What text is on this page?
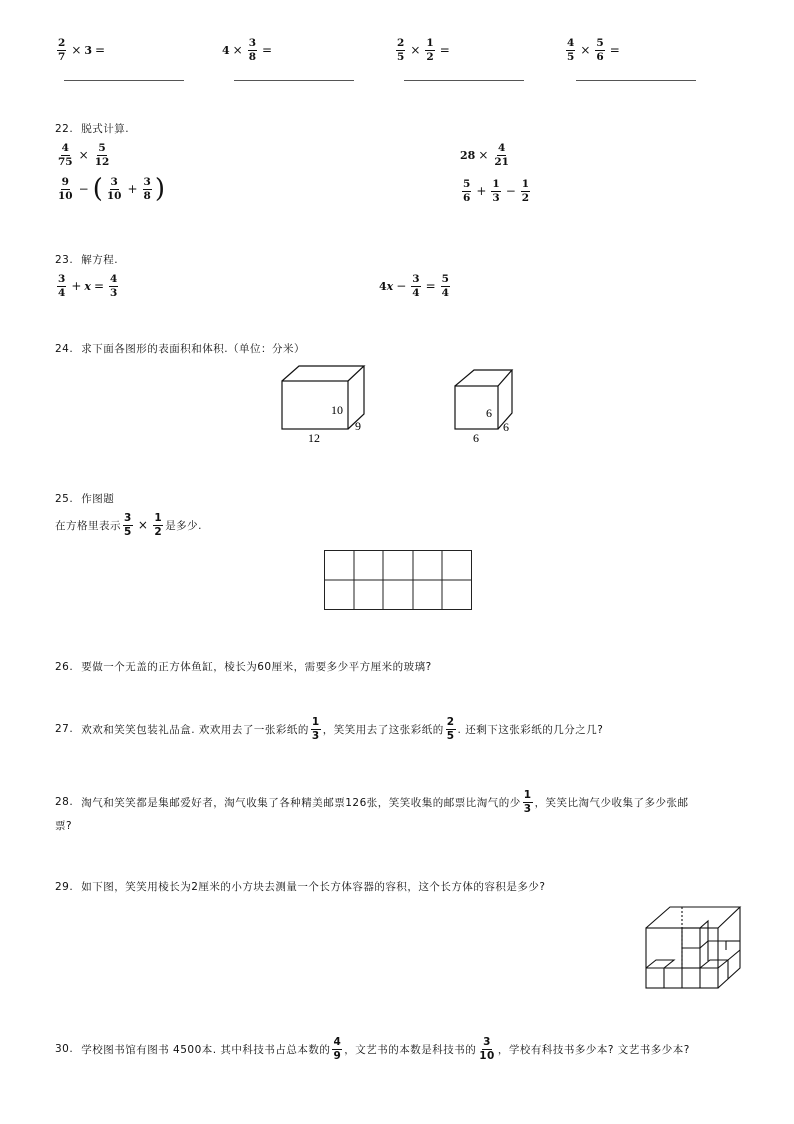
$\frac{2}{7} \times 3$ =	$4 \times \frac{3}{8}$ =	$\frac{2}{5} \times \frac{1}{2}$ =	$\frac{4}{5} \times \frac{5}{6}$ =
22. 脱式计算.
$\frac{4}{75} \times \frac{5}{12}$	$28 \times \frac{4}{21}$
$\frac{9}{10}$ − ( $\frac{3}{10} + \frac{3}{8}$ )	$\frac{5}{6} + \frac{1}{3} - \frac{1}{2}$
23. 解方程.
$\frac{3}{4} + x = \frac{4}{3}$	4 $x - \frac{3}{4} = \frac{5}{4}$
24. 求下面各图形的表面积和体积.（单位：分米）
10
9
12
6
6
6
25. 作图题
在方格里表示 $\frac{3}{5} \times \frac{1}{2}$ 是多少.
26. 要做一个无盖的正方体鱼缸，棱长为60厘米，需要多少平方厘米的玻璃?
27. 欢欢和笑笑包装礼品盒. 欢欢用去了一张彩纸的 $\frac{1}{3}$ ，笑笑用去了这张彩纸的 $\frac{2}{5}$ . 还剩下这张彩纸的几分之几?
28. 淘气和笑笑都是集邮爱好者，淘气收集了各种精美邮票126张，笑笑收集的邮票比淘气的少 $\frac{1}{3}$ ，笑笑比淘气少收集了多少张邮
票?
29. 如下图，笑笑用棱长为2厘米的小方块去测量一个长方体容器的容积，这个长方体的容积是多少?
30. 学校图书馆有图书 4500本. 其中科技书占总本数的 $\frac{4}{9}$ ，文艺书的本数是科技书的 $\frac{3}{10}$ ，学校有科技书多少本? 文艺书多少本?
